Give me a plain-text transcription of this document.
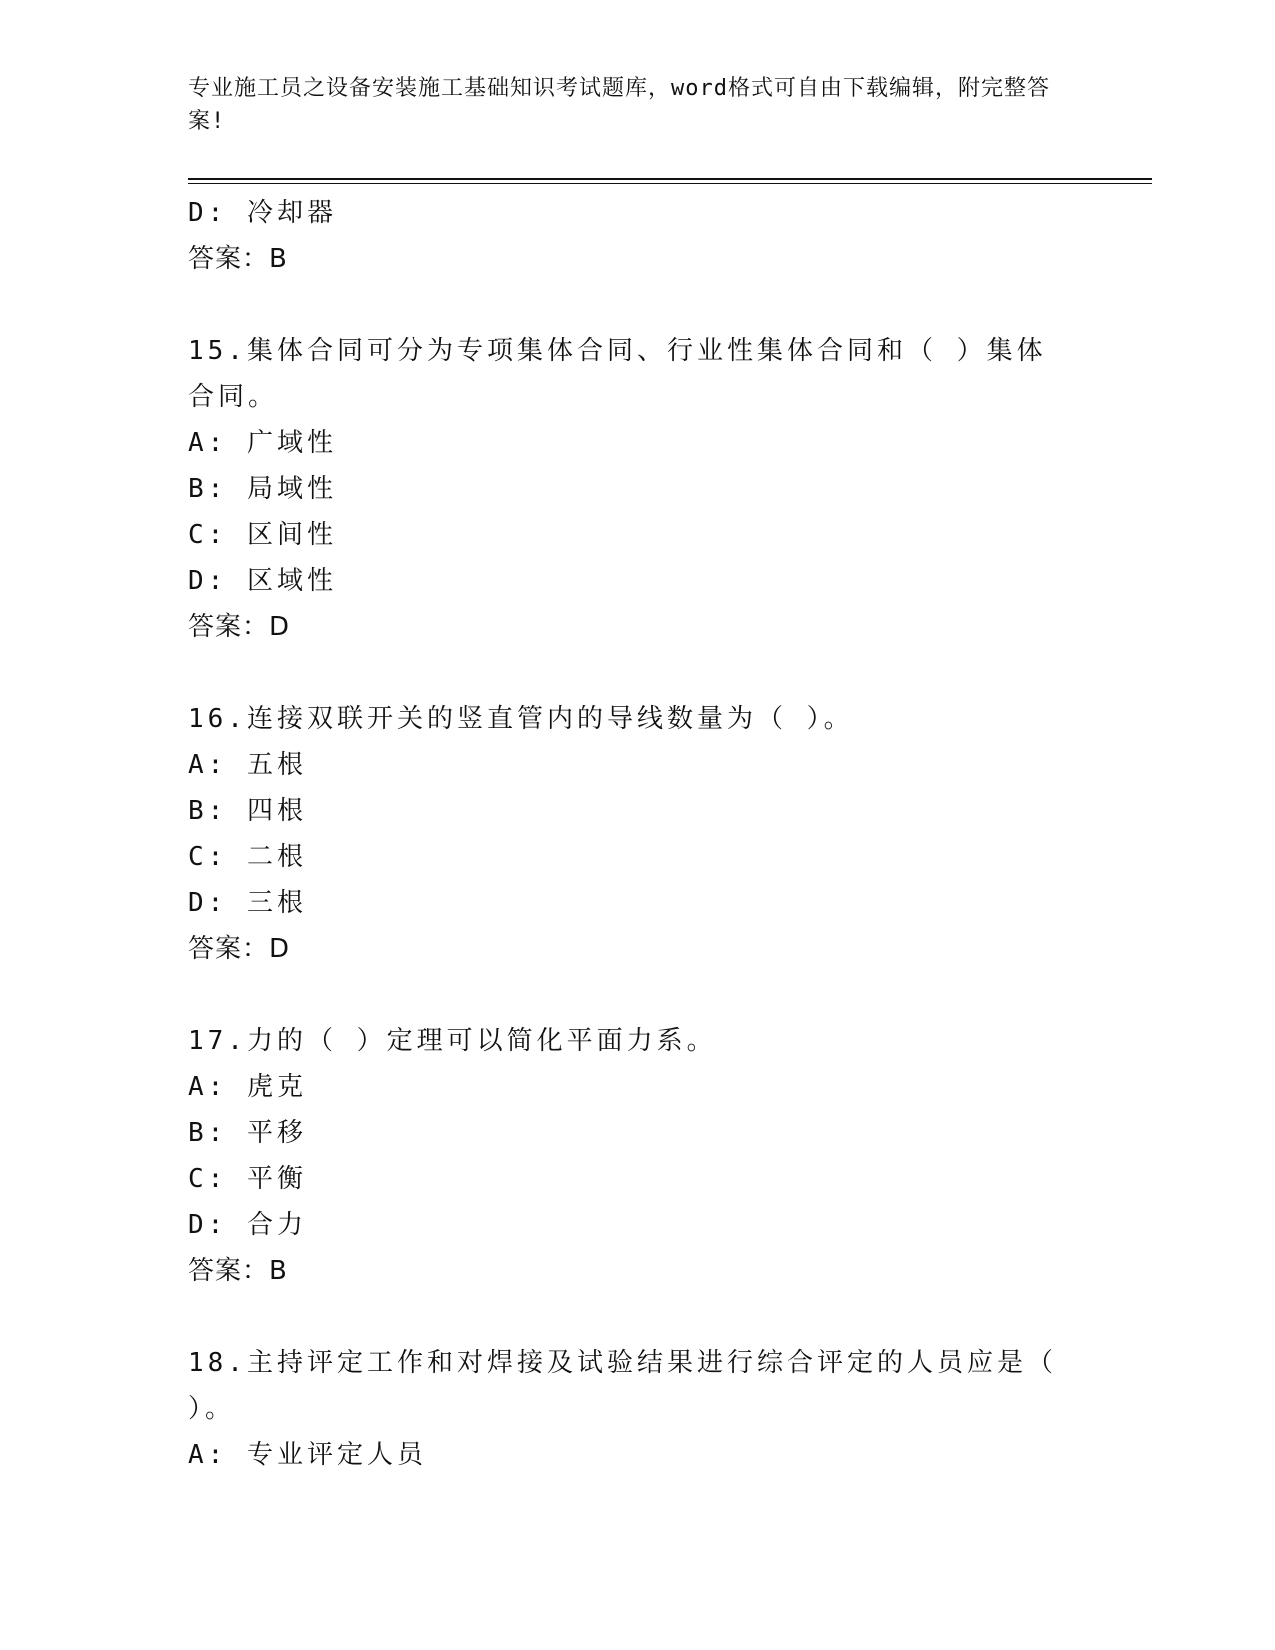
专业施工员之设备安装施工基础知识考试题库，word格式可自由下载编辑，附完整答案!
D: 冷却器
答案：B
15.集体合同可分为专项集体合同、行业性集体合同和（ ）集体合同。
A: 广域性
B: 局域性
C: 区间性
D: 区域性
答案：D
16.连接双联开关的竖直管内的导线数量为（ ）。
A: 五根
B: 四根
C: 二根
D: 三根
答案：D
17.力的（ ）定理可以简化平面力系。
A: 虎克
B: 平移
C: 平衡
D: 合力
答案：B
18.主持评定工作和对焊接及试验结果进行综合评定的人员应是（ ）。
A: 专业评定人员
